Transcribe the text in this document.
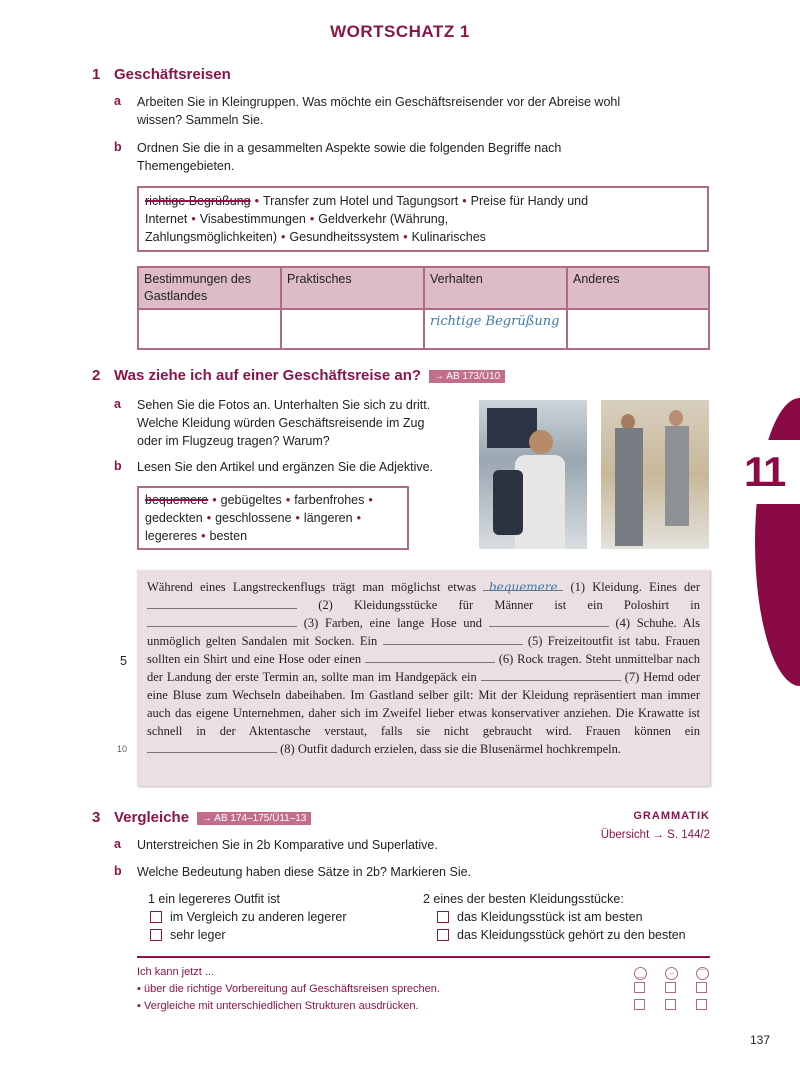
11
WORTSCHATZ 1
1 Geschäftsreisen
a Arbeiten Sie in Kleingruppen. Was möchte ein Geschäftsreisender vor der Abreise wohl wissen? Sammeln Sie.
b Ordnen Sie die in a gesammelten Aspekte sowie die folgenden Begriffe nach Themengebieten.
richtige Begrüßung • Transfer zum Hotel und Tagungsort • Preise für Handy und Internet • Visabestimmungen • Geldverkehr (Währung, Zahlungsmöglichkeiten) • Gesundheitssystem • Kulinarisches
Bestimmungen des Gastlandes	Praktisches	Verhalten	Anderes
		richtige Begrüßung	
2 Was ziehe ich auf einer Geschäftsreise an? → AB 173/Ü10
a Sehen Sie die Fotos an. Unterhalten Sie sich zu dritt. Welche Kleidung würden Geschäftsreisende im Zug oder im Flugzeug tragen? Warum?
b Lesen Sie den Artikel und ergänzen Sie die Adjektive.
bequemere • gebügeltes • farbenfrohes •
gedeckten • geschlossene • längeren •
legereres • besten
5
10
Während eines Langstreckenflugs trägt man möglichst etwas bequemere (1) Kleidung. Eines der  (2) Kleidungsstücke für Männer ist ein Poloshirt in  (3) Farben, eine lange Hose und	(4) Schuhe. Als unmöglich gelten Sandalen mit Socken. Ein	(5) Freizeitoutfit ist tabu. Frauen sollten ein Shirt und eine Hose oder einen	(6) Rock tragen. Steht unmittelbar nach der Landung der erste Termin an, sollte man im Handgepäck ein	(7) Hemd oder eine Bluse zum Wechseln dabeihaben. Im Gastland selber gilt: Mit der Kleidung repräsentiert man immer auch das eigene Unternehmen, daher sich im Zweifel lieber etwas konservativer anziehen. Die Krawatte ist schnell in der Aktentasche verstaut, falls sie nicht gebraucht wird. Frauen können ein  (8) Outfit dadurch erzielen, dass sie die Blusenärmel hochkrempeln.
3 Vergleiche → AB 174–175/Ü11–13	GRAMMATIK
Übersicht → S. 144/2
a Unterstreichen Sie in 2b Komparative und Superlative.
b Welche Bedeutung haben diese Sätze in 2b? Markieren Sie.
1 ein legereres Outfit ist
im Vergleich zu anderen legerer
sehr leger
2 eines der besten Kleidungsstücke:
das Kleidungsstück ist am besten
das Kleidungsstück gehört zu den besten
Ich kann jetzt ...
▪ über die richtige Vorbereitung auf Geschäftsreisen sprechen.
▪ Vergleiche mit unterschiedlichen Strukturen ausdrücken.
‿	–	⌒
137
